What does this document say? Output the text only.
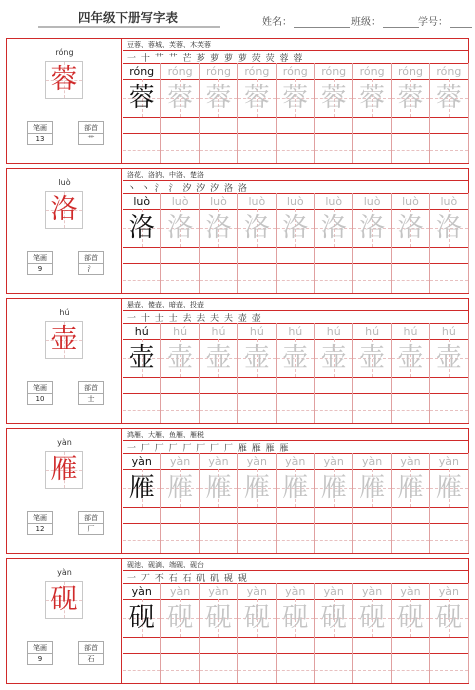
四年级下册写字表	姓名：	班级：	学号：
róng
蓉
笔画
13
部首
艹
豆蓉、蓉城、芙蓉、木芙蓉
一 十 艹 艹 芒 芗 萝 萝 萝 荧 荧 蓉 蓉
róng
蓉
róng
蓉
róng
蓉
róng
蓉
róng
蓉
róng
蓉
róng
蓉
róng
蓉
róng
蓉
luò
洛
笔画
9
部首
氵
洛花、洛汭、中洛、楚洛
丶 丶 氵 氵 汐 汐 汐 洛 洛
luò
洛
luò
洛
luò
洛
luò
洛
luò
洛
luò
洛
luò
洛
luò
洛
luò
洛
hú
壶
笔画
10
部首
士
悬壶、傻壶、暗壶、投壶
一 十 士 士 去 去 夫 夫 壶 壶
hú
壶
hú
壶
hú
壶
hú
壶
hú
壶
hú
壶
hú
壶
hú
壶
hú
壶
yàn
雁
笔画
12
部首
厂
鸿雁、大雁、鱼雁、雁税
一 厂 厂 厂 厂 厂 厂 厂 雁 雁 雁 雁
yàn
雁
yàn
雁
yàn
雁
yàn
雁
yàn
雁
yàn
雁
yàn
雁
yàn
雁
yàn
雁
yàn
砚
笔画
9
部首
石
砚池、砚滴、端砚、砚台
一 丆 不 石 石 矶 矶 砚 砚
yàn
砚
yàn
砚
yàn
砚
yàn
砚
yàn
砚
yàn
砚
yàn
砚
yàn
砚
yàn
砚
